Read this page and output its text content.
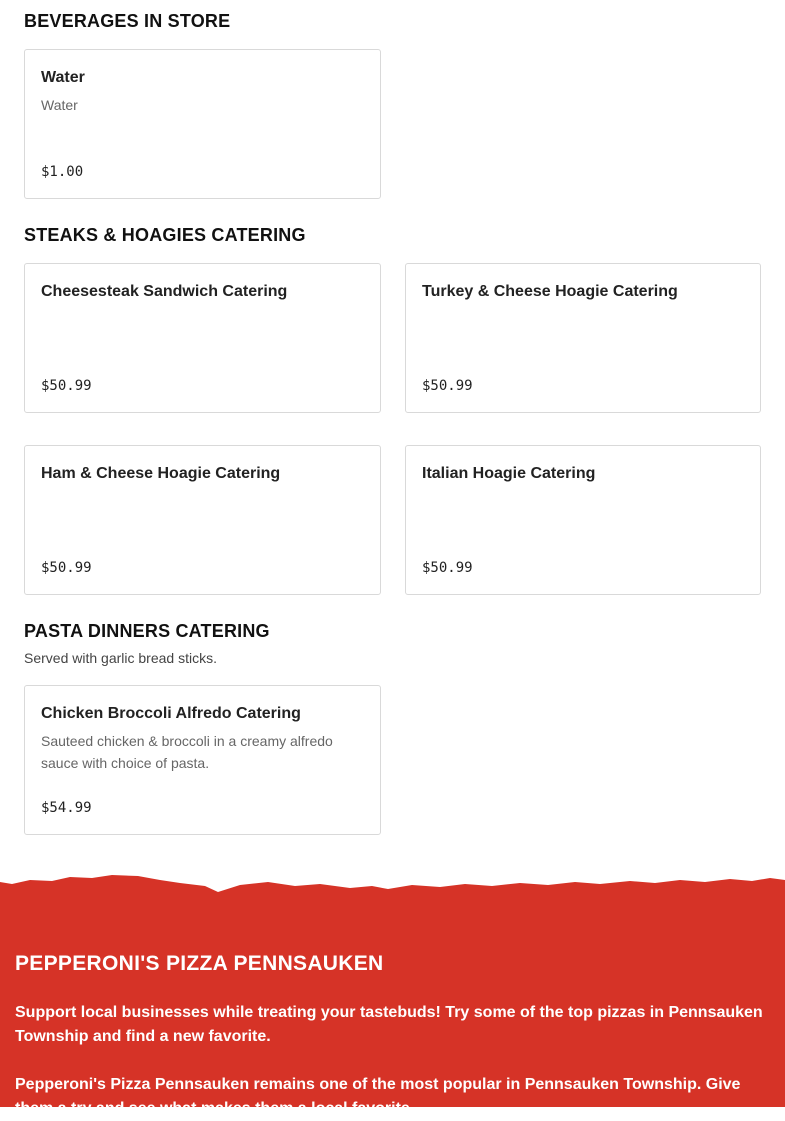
BEVERAGES IN STORE
Water
Water
$1.00
STEAKS & HOAGIES CATERING
Cheesesteak Sandwich Catering
$50.99
Turkey & Cheese Hoagie Catering
$50.99
Ham & Cheese Hoagie Catering
$50.99
Italian Hoagie Catering
$50.99
PASTA DINNERS CATERING
Served with garlic bread sticks.
Chicken Broccoli Alfredo Catering
Sauteed chicken & broccoli in a creamy alfredo sauce with choice of pasta.
$54.99
PEPPERONI'S PIZZA PENNSAUKEN

Support local businesses while treating your tastebuds! Try some of the top pizzas in Pennsauken Township and find a new favorite.

Pepperoni's Pizza Pennsauken remains one of the most popular in Pennsauken Township. Give them a try and see what makes them a local favorite.
